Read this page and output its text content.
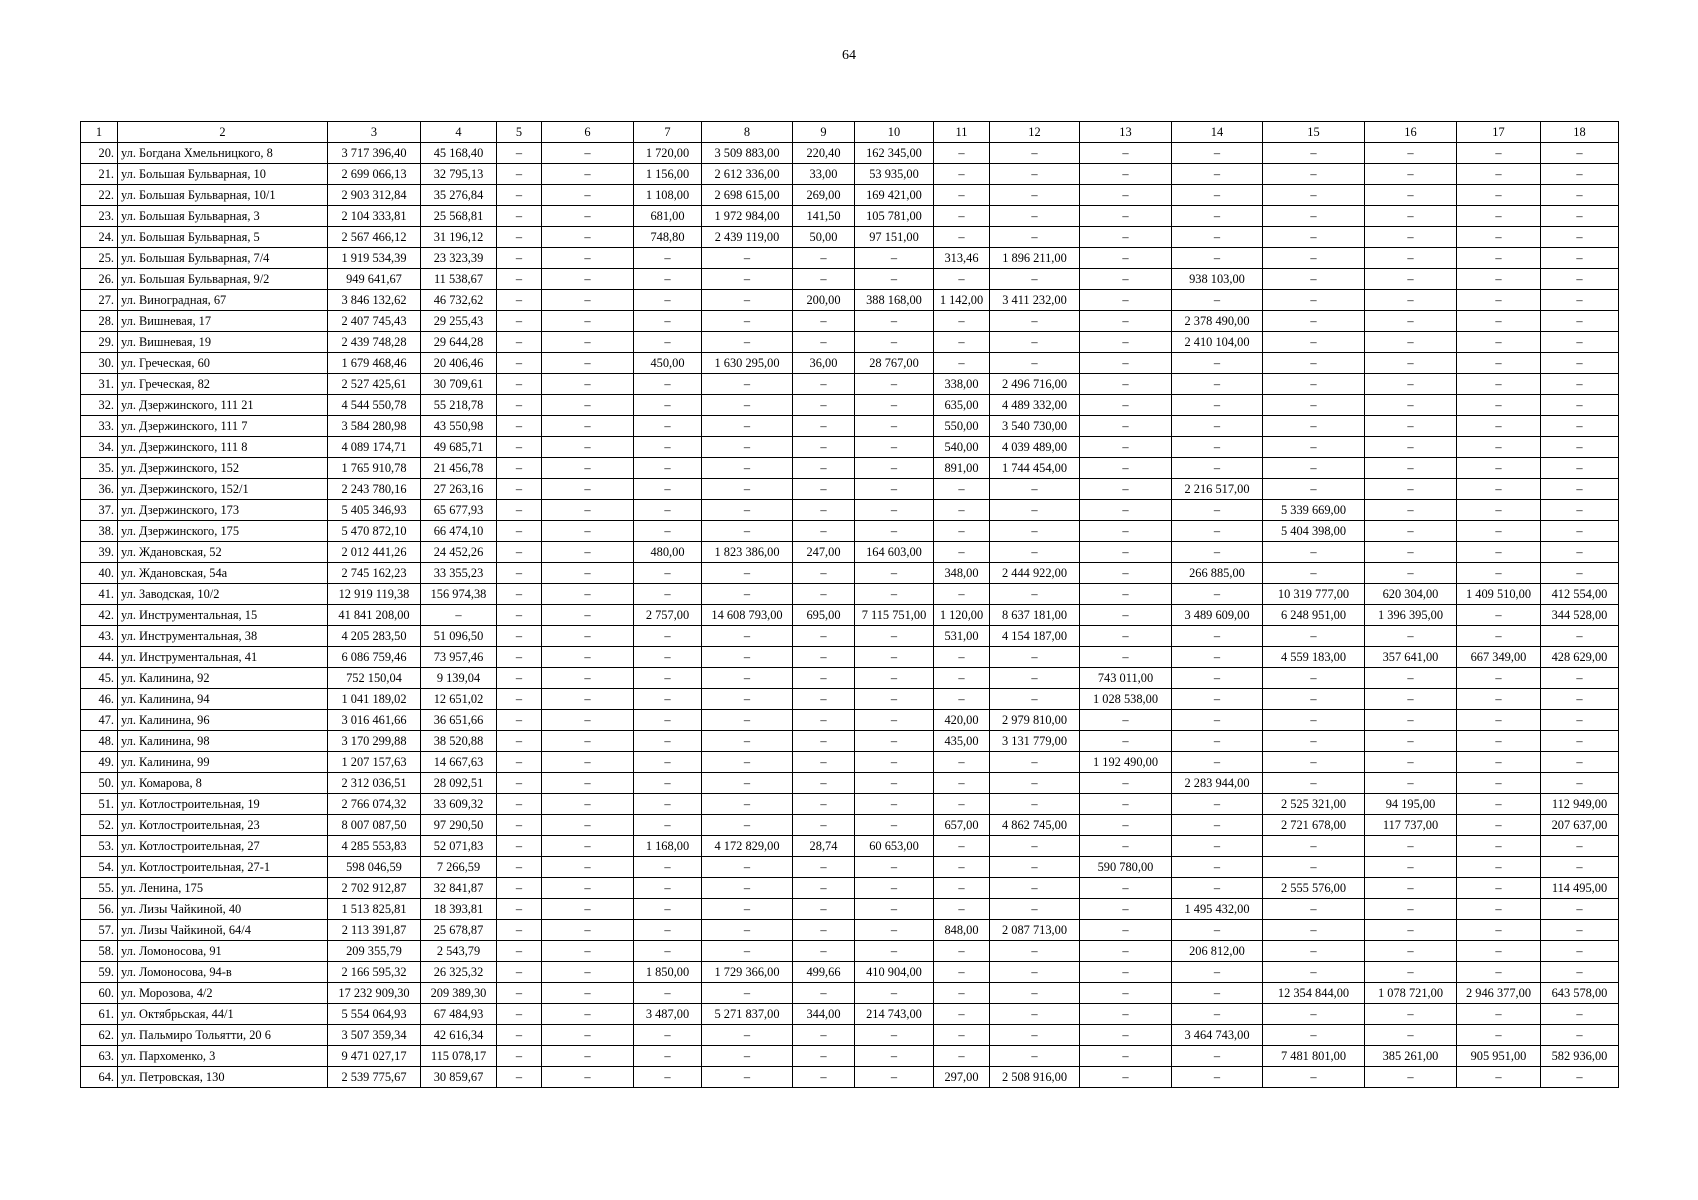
64
1	2	3	4	5	6	7	8	9	10	11	12	13	14	15	16	17	18
20.	ул. Богдана Хмельницкого, 8	3 717 396,40	45 168,40	–	–	1 720,00	3 509 883,00	220,40	162 345,00	–	–	–	–	–	–	–	–
21.	ул. Большая Бульварная, 10	2 699 066,13	32 795,13	–	–	1 156,00	2 612 336,00	33,00	53 935,00	–	–	–	–	–	–	–	–
22.	ул. Большая Бульварная, 10/1	2 903 312,84	35 276,84	–	–	1 108,00	2 698 615,00	269,00	169 421,00	–	–	–	–	–	–	–	–
23.	ул. Большая Бульварная, 3	2 104 333,81	25 568,81	–	–	681,00	1 972 984,00	141,50	105 781,00	–	–	–	–	–	–	–	–
24.	ул. Большая Бульварная, 5	2 567 466,12	31 196,12	–	–	748,80	2 439 119,00	50,00	97 151,00	–	–	–	–	–	–	–	–
25.	ул. Большая Бульварная, 7/4	1 919 534,39	23 323,39	–	–	–	–	–	–	313,46	1 896 211,00	–	–	–	–	–	–
26.	ул. Большая Бульварная, 9/2	949 641,67	11 538,67	–	–	–	–	–	–	–	–	–	938 103,00	–	–	–	–
27.	ул. Виноградная, 67	3 846 132,62	46 732,62	–	–	–	–	200,00	388 168,00	1 142,00	3 411 232,00	–	–	–	–	–	–
28.	ул. Вишневая, 17	2 407 745,43	29 255,43	–	–	–	–	–	–	–	–	–	2 378 490,00	–	–	–	–
29.	ул. Вишневая, 19	2 439 748,28	29 644,28	–	–	–	–	–	–	–	–	–	2 410 104,00	–	–	–	–
30.	ул. Греческая, 60	1 679 468,46	20 406,46	–	–	450,00	1 630 295,00	36,00	28 767,00	–	–	–	–	–	–	–	–
31.	ул. Греческая, 82	2 527 425,61	30 709,61	–	–	–	–	–	–	338,00	2 496 716,00	–	–	–	–	–	–
32.	ул. Дзержинского, 111 21	4 544 550,78	55 218,78	–	–	–	–	–	–	635,00	4 489 332,00	–	–	–	–	–	–
33.	ул. Дзержинского, 111 7	3 584 280,98	43 550,98	–	–	–	–	–	–	550,00	3 540 730,00	–	–	–	–	–	–
34.	ул. Дзержинского, 111 8	4 089 174,71	49 685,71	–	–	–	–	–	–	540,00	4 039 489,00	–	–	–	–	–	–
35.	ул. Дзержинского, 152	1 765 910,78	21 456,78	–	–	–	–	–	–	891,00	1 744 454,00	–	–	–	–	–	–
36.	ул. Дзержинского, 152/1	2 243 780,16	27 263,16	–	–	–	–	–	–	–	–	–	2 216 517,00	–	–	–	–
37.	ул. Дзержинского, 173	5 405 346,93	65 677,93	–	–	–	–	–	–	–	–	–	–	5 339 669,00	–	–	–
38.	ул. Дзержинского, 175	5 470 872,10	66 474,10	–	–	–	–	–	–	–	–	–	–	5 404 398,00	–	–	–
39.	ул. Ждановская, 52	2 012 441,26	24 452,26	–	–	480,00	1 823 386,00	247,00	164 603,00	–	–	–	–	–	–	–	–
40.	ул. Ждановская, 54а	2 745 162,23	33 355,23	–	–	–	–	–	–	348,00	2 444 922,00	–	266 885,00	–	–	–	–
41.	ул. Заводская, 10/2	12 919 119,38	156 974,38	–	–	–	–	–	–	–	–	–	–	10 319 777,00	620 304,00	1 409 510,00	412 554,00
42.	ул. Инструментальная, 15	41 841 208,00	–	–	–	2 757,00	14 608 793,00	695,00	7 115 751,00	1 120,00	8 637 181,00	–	3 489 609,00	6 248 951,00	1 396 395,00	–	344 528,00
43.	ул. Инструментальная, 38	4 205 283,50	51 096,50	–	–	–	–	–	–	531,00	4 154 187,00	–	–	–	–	–	–
44.	ул. Инструментальная, 41	6 086 759,46	73 957,46	–	–	–	–	–	–	–	–	–	–	4 559 183,00	357 641,00	667 349,00	428 629,00
45.	ул. Калинина, 92	752 150,04	9 139,04	–	–	–	–	–	–	–	–	743 011,00	–	–	–	–	–
46.	ул. Калинина, 94	1 041 189,02	12 651,02	–	–	–	–	–	–	–	–	1 028 538,00	–	–	–	–	–
47.	ул. Калинина, 96	3 016 461,66	36 651,66	–	–	–	–	–	–	420,00	2 979 810,00	–	–	–	–	–	–
48.	ул. Калинина, 98	3 170 299,88	38 520,88	–	–	–	–	–	–	435,00	3 131 779,00	–	–	–	–	–	–
49.	ул. Калинина, 99	1 207 157,63	14 667,63	–	–	–	–	–	–	–	–	1 192 490,00	–	–	–	–	–
50.	ул. Комарова, 8	2 312 036,51	28 092,51	–	–	–	–	–	–	–	–	–	2 283 944,00	–	–	–	–
51.	ул. Котлостроительная, 19	2 766 074,32	33 609,32	–	–	–	–	–	–	–	–	–	–	2 525 321,00	94 195,00	–	112 949,00
52.	ул. Котлостроительная, 23	8 007 087,50	97 290,50	–	–	–	–	–	–	657,00	4 862 745,00	–	–	2 721 678,00	117 737,00	–	207 637,00
53.	ул. Котлостроительная, 27	4 285 553,83	52 071,83	–	–	1 168,00	4 172 829,00	28,74	60 653,00	–	–	–	–	–	–	–	–
54.	ул. Котлостроительная, 27-1	598 046,59	7 266,59	–	–	–	–	–	–	–	–	590 780,00	–	–	–	–	–
55.	ул. Ленина, 175	2 702 912,87	32 841,87	–	–	–	–	–	–	–	–	–	–	2 555 576,00	–	–	114 495,00
56.	ул. Лизы Чайкиной, 40	1 513 825,81	18 393,81	–	–	–	–	–	–	–	–	–	1 495 432,00	–	–	–	–
57.	ул. Лизы Чайкиной, 64/4	2 113 391,87	25 678,87	–	–	–	–	–	–	848,00	2 087 713,00	–	–	–	–	–	–
58.	ул. Ломоносова, 91	209 355,79	2 543,79	–	–	–	–	–	–	–	–	–	206 812,00	–	–	–	–
59.	ул. Ломоносова, 94-в	2 166 595,32	26 325,32	–	–	1 850,00	1 729 366,00	499,66	410 904,00	–	–	–	–	–	–	–	–
60.	ул. Морозова, 4/2	17 232 909,30	209 389,30	–	–	–	–	–	–	–	–	–	–	12 354 844,00	1 078 721,00	2 946 377,00	643 578,00
61.	ул. Октябрьская, 44/1	5 554 064,93	67 484,93	–	–	3 487,00	5 271 837,00	344,00	214 743,00	–	–	–	–	–	–	–	–
62.	ул. Пальмиро Тольятти, 20 6	3 507 359,34	42 616,34	–	–	–	–	–	–	–	–	–	3 464 743,00	–	–	–	–
63.	ул. Пархоменко, 3	9 471 027,17	115 078,17	–	–	–	–	–	–	–	–	–	–	7 481 801,00	385 261,00	905 951,00	582 936,00
64.	ул. Петровская, 130	2 539 775,67	30 859,67	–	–	–	–	–	–	297,00	2 508 916,00	–	–	–	–	–	–
